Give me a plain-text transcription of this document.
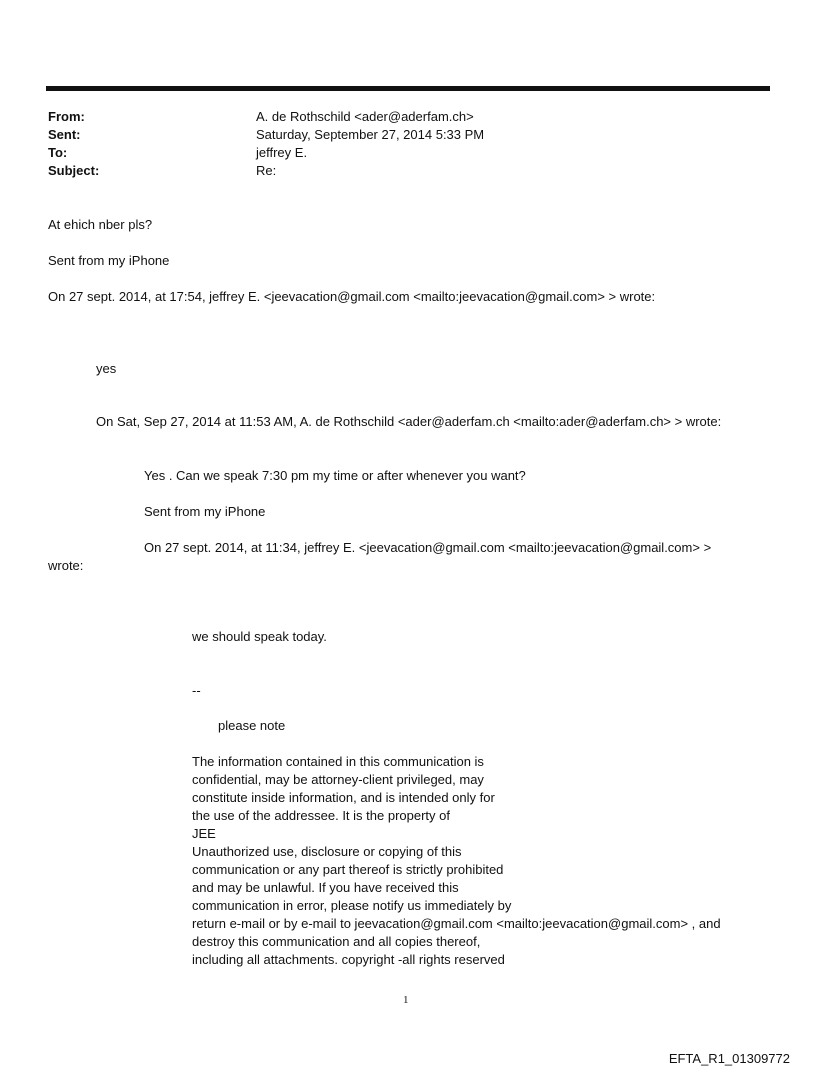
From:	A. de Rothschild <ader@aderfam.ch>
Sent:	Saturday, September 27, 2014 5:33 PM
To:	jeffrey E.
Subject:	Re:
At ehich nber pls?
Sent from my iPhone
On 27 sept. 2014, at 17:54, jeffrey E. <jeevacation@gmail.com <mailto:jeevacation@gmail.com> > wrote:
yes
On Sat, Sep 27, 2014 at 11:53 AM, A. de Rothschild <ader@aderfam.ch <mailto:ader@aderfam.ch> > wrote:
Yes . Can we speak 7:30 pm my time or after whenever you want?
Sent from my iPhone
On 27 sept. 2014, at 11:34, jeffrey E. <jeevacation@gmail.com <mailto:jeevacation@gmail.com> >
wrote:
we should speak today.
--
please note
The information contained in this communication is
confidential, may be attorney-client privileged, may
constitute inside information, and is intended only for
the use of the addressee. It is the property of
JEE
Unauthorized use, disclosure or copying of this
communication or any part thereof is strictly prohibited
and may be unlawful. If you have received this
communication in error, please notify us immediately by
return e-mail or by e-mail to jeevacation@gmail.com <mailto:jeevacation@gmail.com> , and
destroy this communication and all copies thereof,
including all attachments. copyright -all rights reserved
1
EFTA_R1_01309772
